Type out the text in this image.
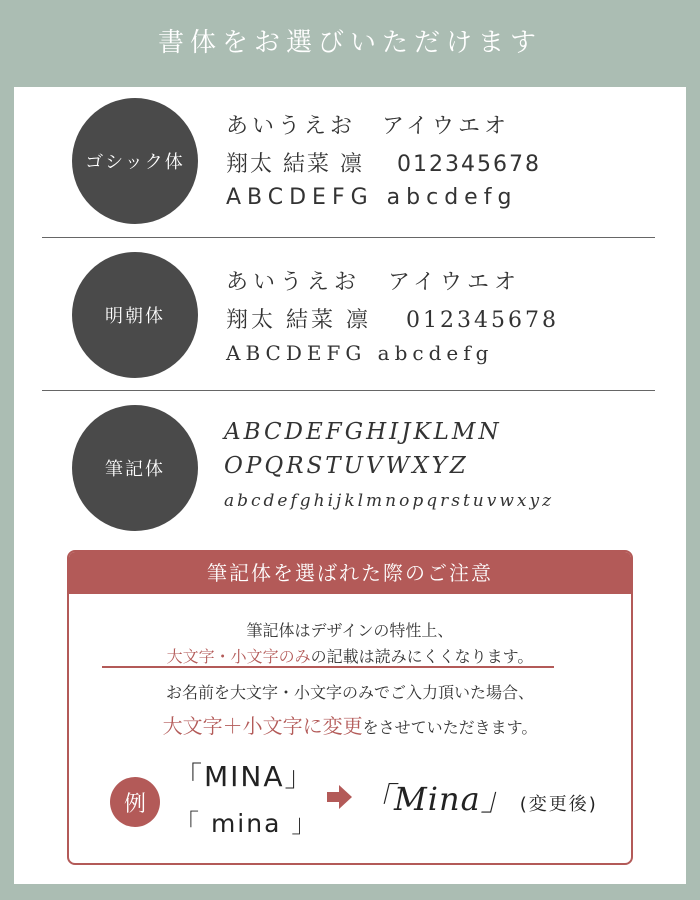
書体をお選びいただけます
ゴシック体
あいうえお　アイウエオ
翔太 結菜 凛　 012345678
ABCDEFG abcdefg
明朝体
あいうえお　アイウエオ
翔太 結菜 凛　 012345678
ABCDEFG abcdefg
筆記体
ABCDEFGHIJKLMN
OPQRSTUVWXYZ
abcdefghijklmnopqrstuvwxyz
筆記体を選ばれた際のご注意
筆記体はデザインの特性上、
大文字・小文字のみの記載は読みにくくなります。
お名前を大文字・小文字のみでご入力頂いた場合、
大文字＋小文字に変更をさせていただきます。
例
「MINA」
「 mina 」
「Mina」 (変更後)
